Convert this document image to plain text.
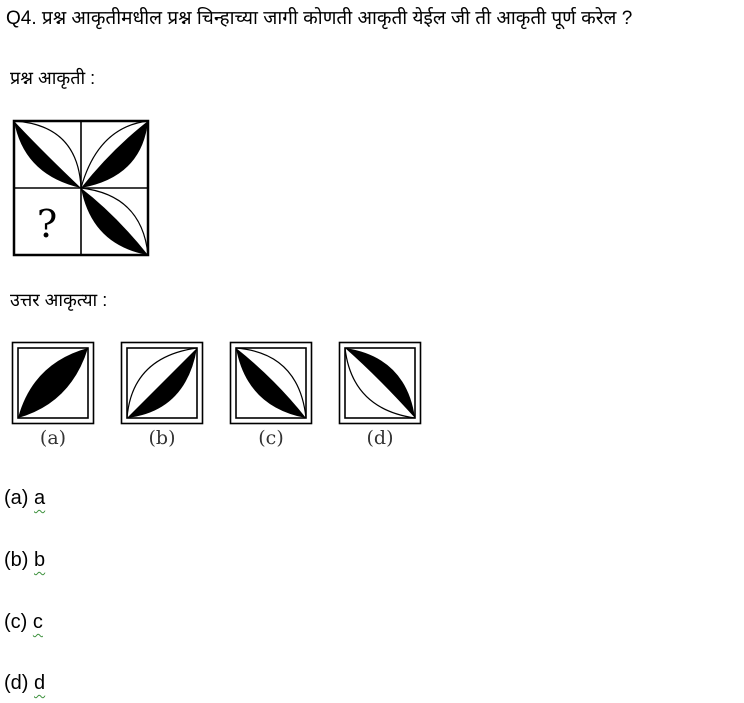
Q4. प्रश्न आकृतीमधील प्रश्न चिन्हाच्या जागी कोणती आकृती येईल जी ती आकृती पूर्ण करेल ?
प्रश्न आकृती :
?
उत्तर आकृत्या :
(a)	(b)	(c)	(d)
(a) a
(b) b
(c) c
(d) d
